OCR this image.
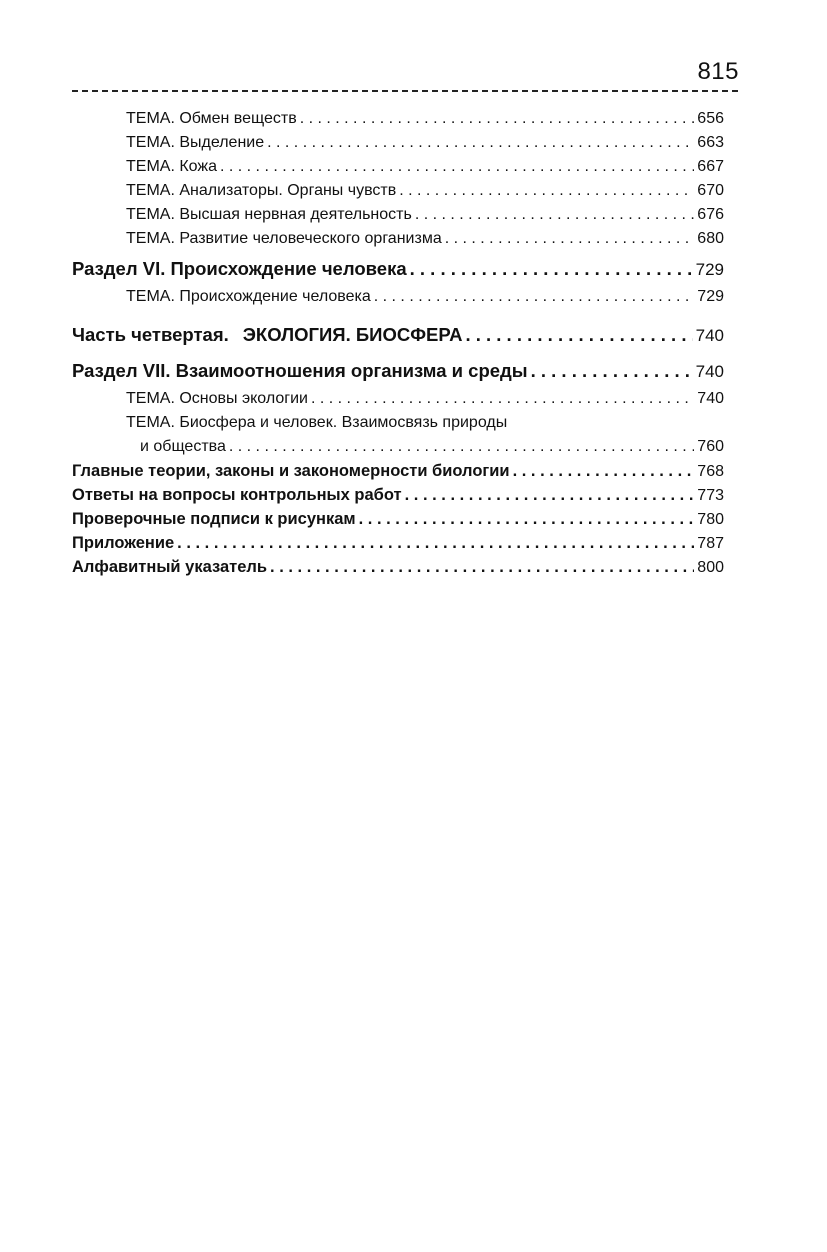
815
ТЕМА. Обмен веществ . . .	656
ТЕМА. Выделение . . .	663
ТЕМА. Кожа . . .	667
ТЕМА. Анализаторы. Органы чувств . . .	670
ТЕМА. Высшая нервная деятельность . . .	676
ТЕМА. Развитие человеческого организма . . .	680
Раздел VI. Происхождение человека . . .	729
ТЕМА. Происхождение человека . . .	729
Часть четвертая. ЭКОЛОГИЯ. БИОСФЕРА . . .	740
Раздел VII. Взаимоотношения организма и среды . . .	740
ТЕМА. Основы экологии . . .	740
ТЕМА. Биосфера и человек. Взаимосвязь природы
и общества . . .	760
Главные теории, законы и закономерности биологии . . .	768
Ответы на вопросы контрольных работ . . .	773
Проверочные подписи к рисункам . . .	780
Приложение . . .	787
Алфавитный указатель . . .	800
